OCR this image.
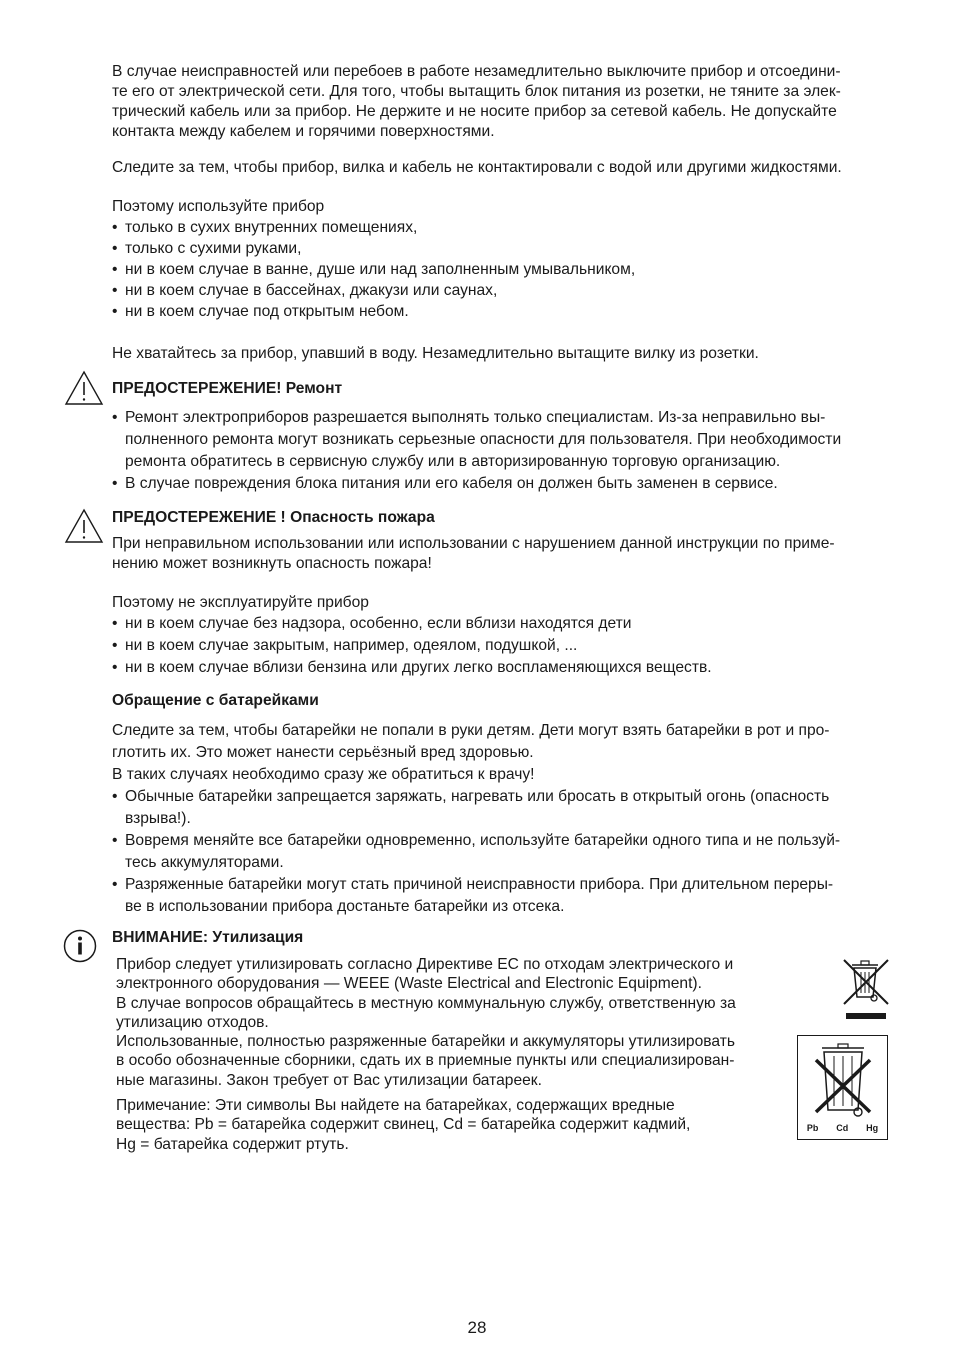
В случае неисправностей или перебоев в работе незамедлительно выключите прибор и отсоедини-
те его от электрической сети. Для того, чтобы вытащить блок питания из розетки, не тяните за элек-
трический кабель или за прибор. Не держите и не носите прибор за сетевой кабель. Не допускайте
контакта между кабелем и горячими поверхностями.
Следите за тем, чтобы прибор, вилка и кабель не контактировали с водой или другими жидкостями.
Поэтому используйте прибор
• только в сухих внутренних помещениях,
• только с сухими руками,
• ни в коем случае в ванне, душе или над заполненным умывальником,
• ни в коем случае в бассейнах, джакузи или саунах,
• ни в коем случае под открытым небом.
Не хватайтесь за прибор, упавший в воду. Незамедлительно вытащите вилку из розетки.
ПРЕДОСТЕРЕЖЕНИЕ! Ремонт
• Ремонт электроприборов разрешается выполнять только специалистам. Из-за неправильно вы-
полненного ремонта могут возникать серьезные опасности для пользователя. При необходимости
ремонта обратитесь в сервисную службу или в авторизированную торговую организацию.
• В случае повреждения блока питания или его кабеля он должен быть заменен в сервисе.
ПРЕДОСТЕРЕЖЕНИЕ ! Опасность пожара
При неправильном использовании или использовании с нарушением данной инструкции по приме-
нению может возникнуть опасность пожара!
Поэтому не эксплуатируйте прибор
• ни в коем случае без надзора, особенно, если вблизи находятся дети
• ни в коем случае закрытым, например, одеялом, подушкой, ...
• ни в коем случае вблизи бензина или других легко воспламеняющихся веществ.
Обращение с батарейками
Следите за тем, чтобы батарейки не попали в руки детям. Дети могут взять батарейки в рот и про-
глотить их. Это может нанести серьёзный вред здоровью.
В таких случаях необходимо сразу же обратиться к врачу!
• Обычные батарейки запрещается заряжать, нагревать или бросать в открытый огонь (опасность
взрыва!).
• Вовремя меняйте все батарейки одновременно, используйте батарейки одного типа и не пользуй-
тесь аккумуляторами.
• Разряженные батарейки могут стать причиной неисправности прибора. При длительном переры-
ве в использовании прибора достаньте батарейки из отсека.
ВНИМАНИЕ: Утилизация
Прибор следует утилизировать согласно Директиве ЕС по отходам электрического и
электронного оборудования — WEEE (Waste Electrical and Electronic Equipment).
В случае вопросов обращайтесь в местную коммунальную службу, ответственную за
утилизацию отходов.
Использованные, полностью разряженные батарейки и аккумуляторы утилизировать
в особо обозначенные сборники, сдать их в приемные пункты или специализирован-
ные магазины. Закон требует от Вас утилизации батареек.
Примечание: Эти символы Вы найдете на батарейках, содержащих вредные
вещества: Pb = батарейка содержит свинец, Cd = батарейка содержит кадмий,
Hg = батарейка содержит ртуть.
Pb Cd Hg
28
